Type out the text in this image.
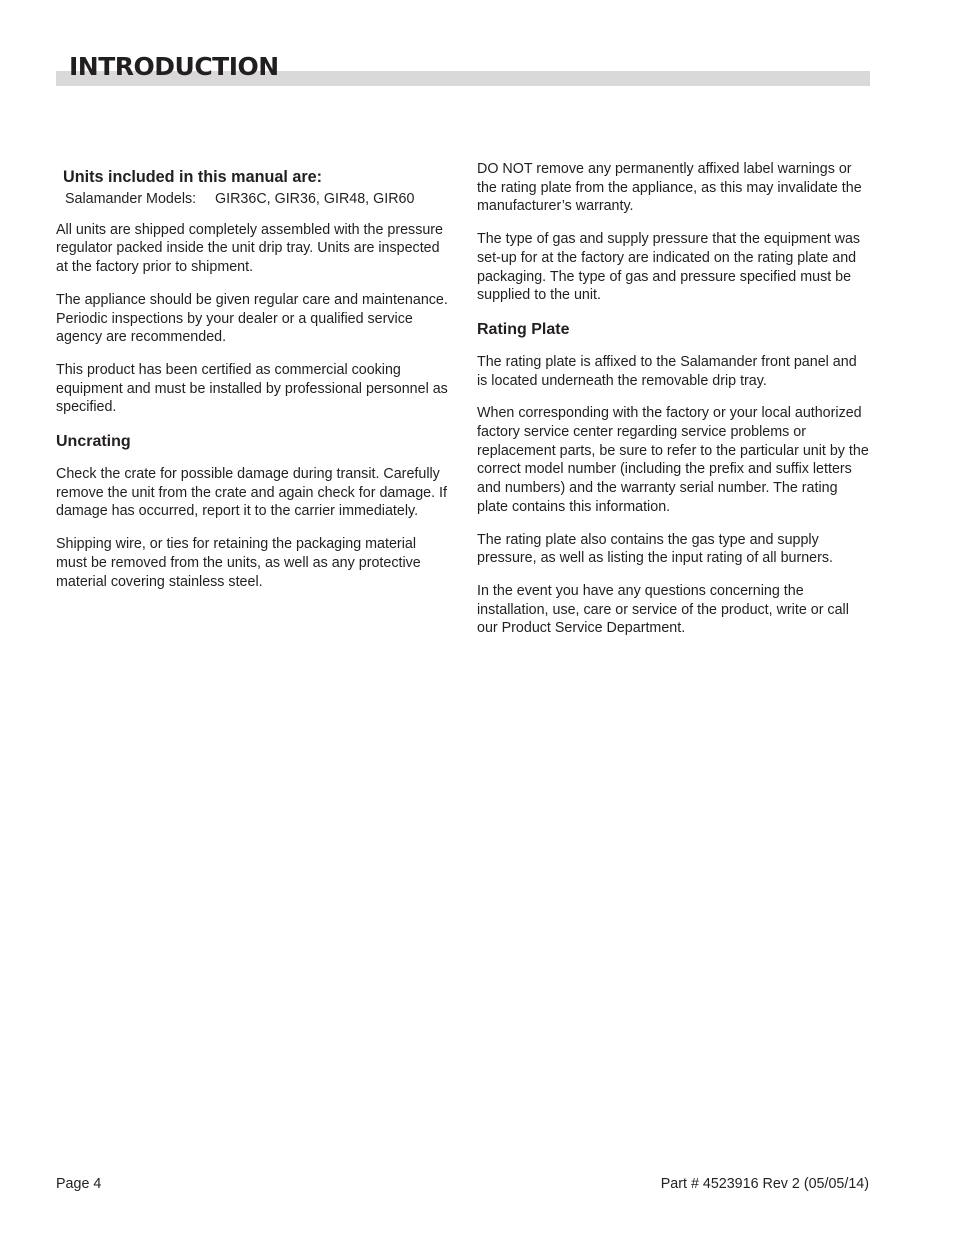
INTRODUCTION
Units included in this manual are:
Salamander Models:	GIR36C, GIR36, GIR48, GIR60

All units are shipped completely assembled with the pressure regulator packed inside the unit drip tray. Units are inspected at the factory prior to shipment.

The appliance should be given regular care and maintenance. Periodic inspections by your dealer or a qualified service agency are recommended.

This product has been certified as commercial cooking equipment and must be installed by professional personnel as specified.

Uncrating

Check the crate for possible damage during transit. Carefully remove the unit from the crate and again check for damage. If damage has occurred, report it to the carrier immediately.

Shipping wire, or ties for retaining the packaging material must be removed from the units, as well as any protective material covering stainless steel.

DO NOT remove any permanently affixed label warnings or the rating plate from the appliance, as this may invalidate the manufacturer’s warranty.

The type of gas and supply pressure that the equipment was set-up for at the factory are indicated on the rating plate and packaging. The type of gas and pressure specified must be supplied to the unit.

Rating Plate

The rating plate is affixed to the Salamander front panel and is located underneath the removable drip tray.

When corresponding with the factory or your local authorized factory service center regarding service problems or replacement parts, be sure to refer to the particular unit by the correct model number (including the prefix and suffix letters and numbers) and the warranty serial number. The rating plate contains this information.

The rating plate also contains the gas type and supply pressure, as well as listing the input rating of all burners.

In the event you have any questions concerning the installation, use, care or service of the product, write or call our Product Service Department.

Page 4	Part # 4523916 Rev 2 (05/05/14)
